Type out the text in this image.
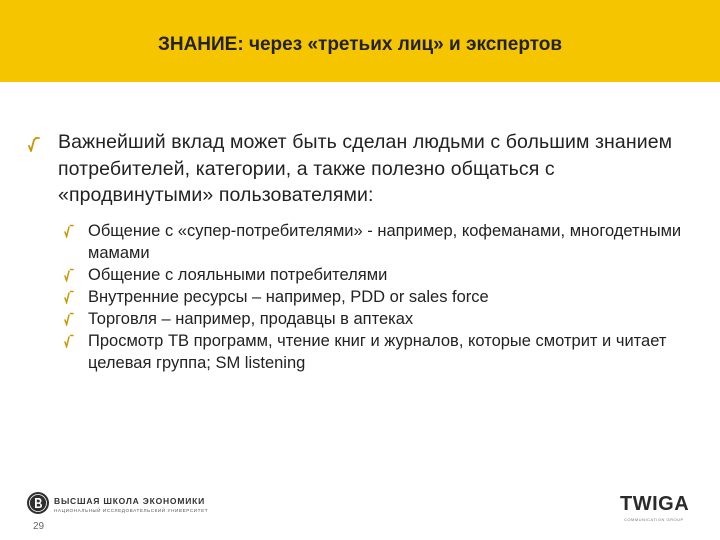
ЗНАНИЕ: через «третьих лиц» и экспертов
Важнейший вклад может быть сделан людьми с большим знанием потребителей, категории, а также полезно общаться с «продвинутыми» пользователями:
Общение с «супер-потребителями» - например, кофеманами, многодетными мамами
Общение с лояльными потребителями
Внутренние ресурсы – например, PDD or sales force
Торговля – например, продавцы в аптеках
Просмотр ТВ программ, чтение книг и журналов, которые смотрит и читает целевая группа; SM listening
ВЫСШАЯ ШКОЛА ЭКОНОМИКИ
НАЦИОНАЛЬНЫЙ ИССЛЕДОВАТЕЛЬСКИЙ УНИВЕРСИТЕТ
29
TWIGA
COMMUNICATION GROUP
